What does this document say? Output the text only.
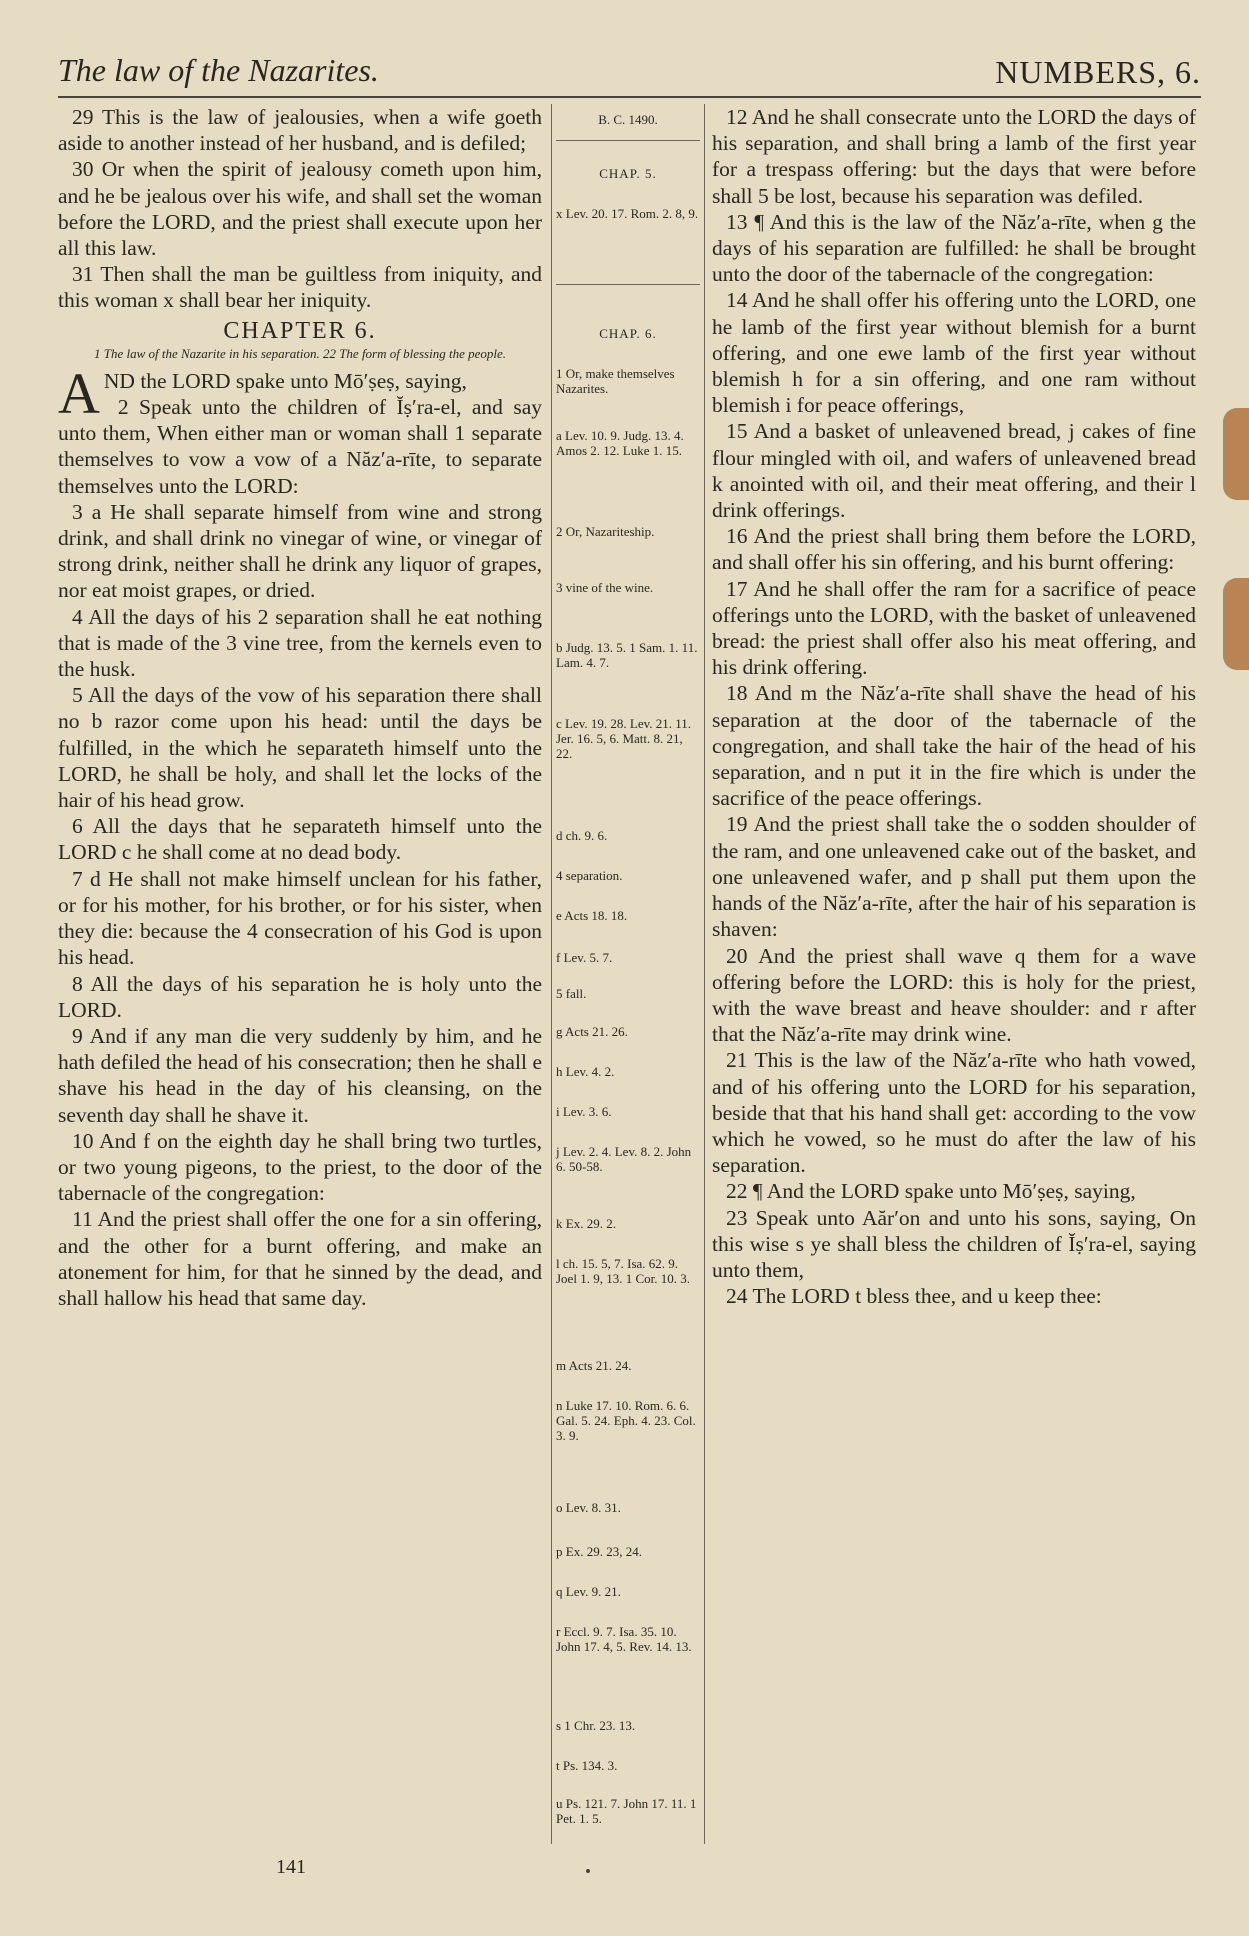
The law of the Nazarites.	NUMBERS, 6.

29 This is the law of jealousies, when a wife goeth aside to another instead of her husband, and is defiled;

30 Or when the spirit of jealousy cometh upon him, and he be jealous over his wife, and shall set the woman before the LORD, and the priest shall execute upon her all this law.

31 Then shall the man be guiltless from iniquity, and this woman x shall bear her iniquity.

CHAPTER 6.
1 The law of the Nazarite in his separation. 22 The form of blessing the people.

AND the LORD spake unto Mō′ṣeṣ, saying,

2 Speak unto the children of Ĭṣ′ra-el, and say unto them, When either man or woman shall 1 separate themselves to vow a vow of a Năz′a-rīte, to separate themselves unto the LORD:

3 a He shall separate himself from wine and strong drink, and shall drink no vinegar of wine, or vinegar of strong drink, neither shall he drink any liquor of grapes, nor eat moist grapes, or dried.

4 All the days of his 2 separation shall he eat nothing that is made of the 3 vine tree, from the kernels even to the husk.

5 All the days of the vow of his separation there shall no b razor come upon his head: until the days be fulfilled, in the which he separateth himself unto the LORD, he shall be holy, and shall let the locks of the hair of his head grow.

6 All the days that he separateth himself unto the LORD c he shall come at no dead body.

7 d He shall not make himself unclean for his father, or for his mother, for his brother, or for his sister, when they die: because the 4 consecration of his God is upon his head.

8 All the days of his separation he is holy unto the LORD.

9 And if any man die very suddenly by him, and he hath defiled the head of his consecration; then he shall e shave his head in the day of his cleansing, on the seventh day shall he shave it.

10 And f on the eighth day he shall bring two turtles, or two young pigeons, to the priest, to the door of the tabernacle of the congregation:

11 And the priest shall offer the one for a sin offering, and the other for a burnt offering, and make an atonement for him, for that he sinned by the dead, and shall hallow his head that same day.

B. C. 1490.
CHAP. 5.
x Lev. 20. 17. Rom. 2. 8, 9.
CHAP. 6.
1 Or, make themselves Nazarites.
a Lev. 10. 9. Judg. 13. 4. Amos 2. 12. Luke 1. 15.
2 Or, Nazariteship.
3 vine of the wine.
b Judg. 13. 5. 1 Sam. 1. 11. Lam. 4. 7.
c Lev. 19. 28. Lev. 21. 11. Jer. 16. 5, 6. Matt. 8. 21, 22.
d ch. 9. 6.
4 separation.
e Acts 18. 18.
f Lev. 5. 7.
5 fall.
g Acts 21. 26.
h Lev. 4. 2.
i Lev. 3. 6.
j Lev. 2. 4. Lev. 8. 2. John 6. 50-58.
k Ex. 29. 2.
l ch. 15. 5, 7. Isa. 62. 9. Joel 1. 9, 13. 1 Cor. 10. 3.
m Acts 21. 24.
n Luke 17. 10. Rom. 6. 6. Gal. 5. 24. Eph. 4. 23. Col. 3. 9.
o Lev. 8. 31.
p Ex. 29. 23, 24.
q Lev. 9. 21.
r Eccl. 9. 7. Isa. 35. 10. John 17. 4, 5. Rev. 14. 13.
s 1 Chr. 23. 13.
t Ps. 134. 3.
u Ps. 121. 7. John 17. 11. 1 Pet. 1. 5.

12 And he shall consecrate unto the LORD the days of his separation, and shall bring a lamb of the first year for a trespass offering: but the days that were before shall 5 be lost, because his separation was defiled.

13 ¶ And this is the law of the Năz′a-rīte, when g the days of his separation are fulfilled: he shall be brought unto the door of the tabernacle of the congregation:

14 And he shall offer his offering unto the LORD, one he lamb of the first year without blemish for a burnt offering, and one ewe lamb of the first year without blemish h for a sin offering, and one ram without blemish i for peace offerings,

15 And a basket of unleavened bread, j cakes of fine flour mingled with oil, and wafers of unleavened bread k anointed with oil, and their meat offering, and their l drink offerings.

16 And the priest shall bring them before the LORD, and shall offer his sin offering, and his burnt offering:

17 And he shall offer the ram for a sacrifice of peace offerings unto the LORD, with the basket of unleavened bread: the priest shall offer also his meat offering, and his drink offering.

18 And m the Năz′a-rīte shall shave the head of his separation at the door of the tabernacle of the congregation, and shall take the hair of the head of his separation, and n put it in the fire which is under the sacrifice of the peace offerings.

19 And the priest shall take the o sodden shoulder of the ram, and one unleavened cake out of the basket, and one unleavened wafer, and p shall put them upon the hands of the Năz′a-rīte, after the hair of his separation is shaven:

20 And the priest shall wave q them for a wave offering before the LORD: this is holy for the priest, with the wave breast and heave shoulder: and r after that the Năz′a-rīte may drink wine.

21 This is the law of the Năz′a-rīte who hath vowed, and of his offering unto the LORD for his separation, beside that that his hand shall get: according to the vow which he vowed, so he must do after the law of his separation.

22 ¶ And the LORD spake unto Mō′ṣeṣ, saying,

23 Speak unto Aăr′on and unto his sons, saying, On this wise s ye shall bless the children of Ĭṣ′ra-el, saying unto them,

24 The LORD t bless thee, and u keep thee:

141
